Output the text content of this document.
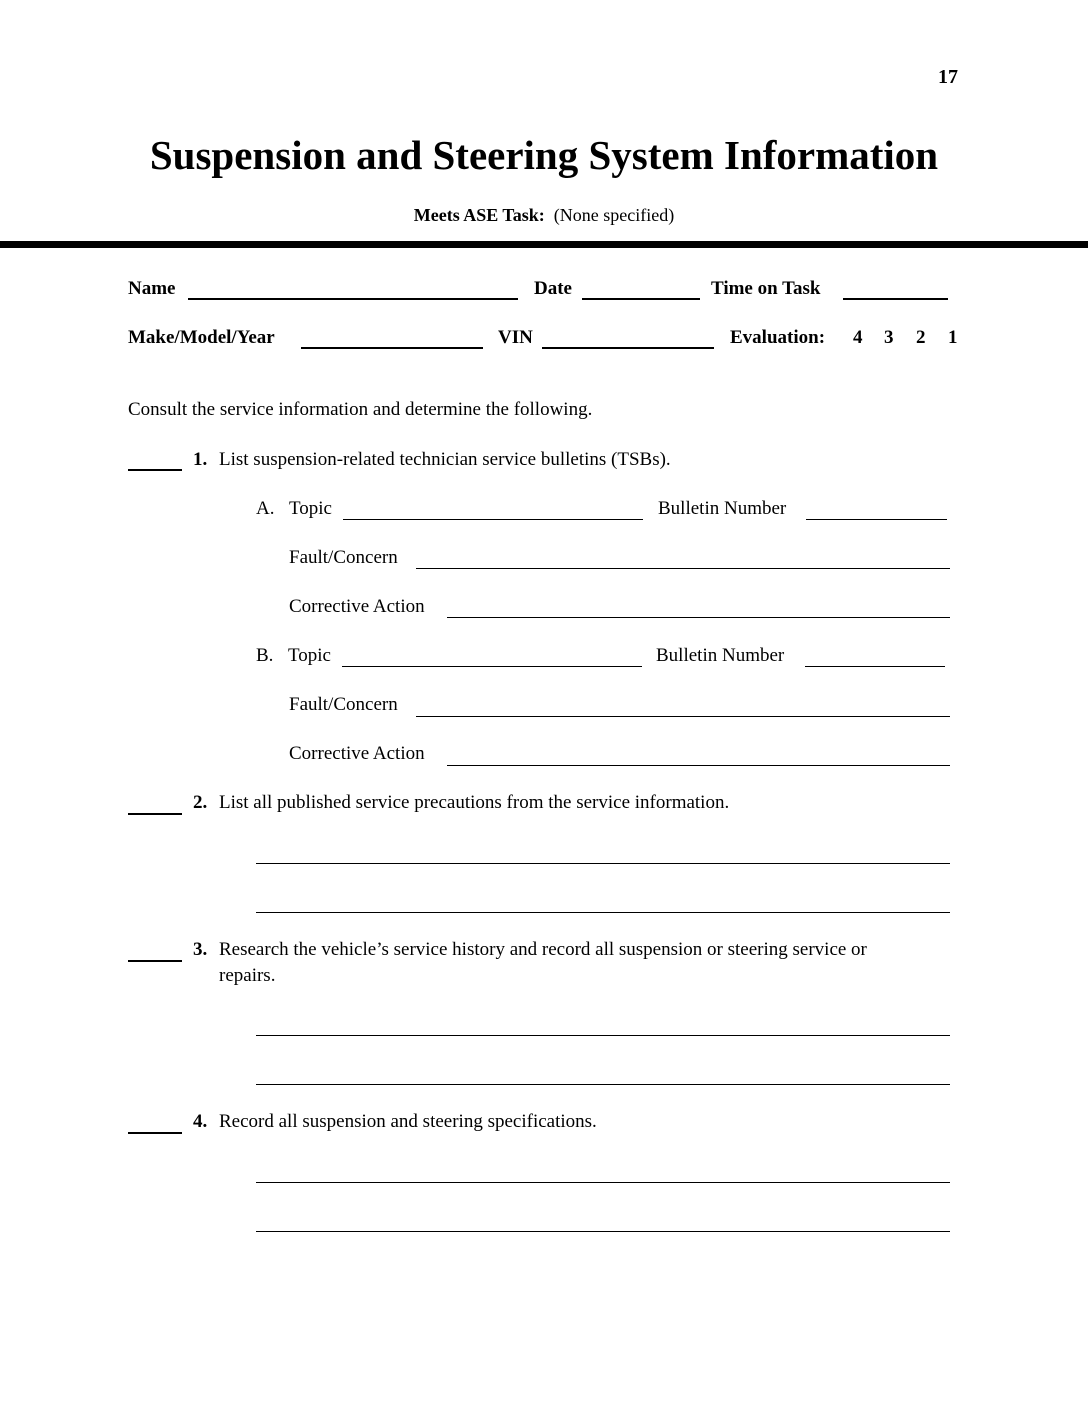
17
Suspension and Steering System Information
Meets ASE Task: (None specified)
Name	Date	Time on Task
Make/Model/Year	VIN	Evaluation: 4 3 2 1
Consult the service information and determine the following.
1. List suspension-related technician service bulletins (TSBs).
A. Topic	Bulletin Number
Fault/Concern
Corrective Action
B. Topic	Bulletin Number
Fault/Concern
Corrective Action
2. List all published service precautions from the service information.
3. Research the vehicle’s service history and record all suspension or steering service or
repairs.
4. Record all suspension and steering specifications.
